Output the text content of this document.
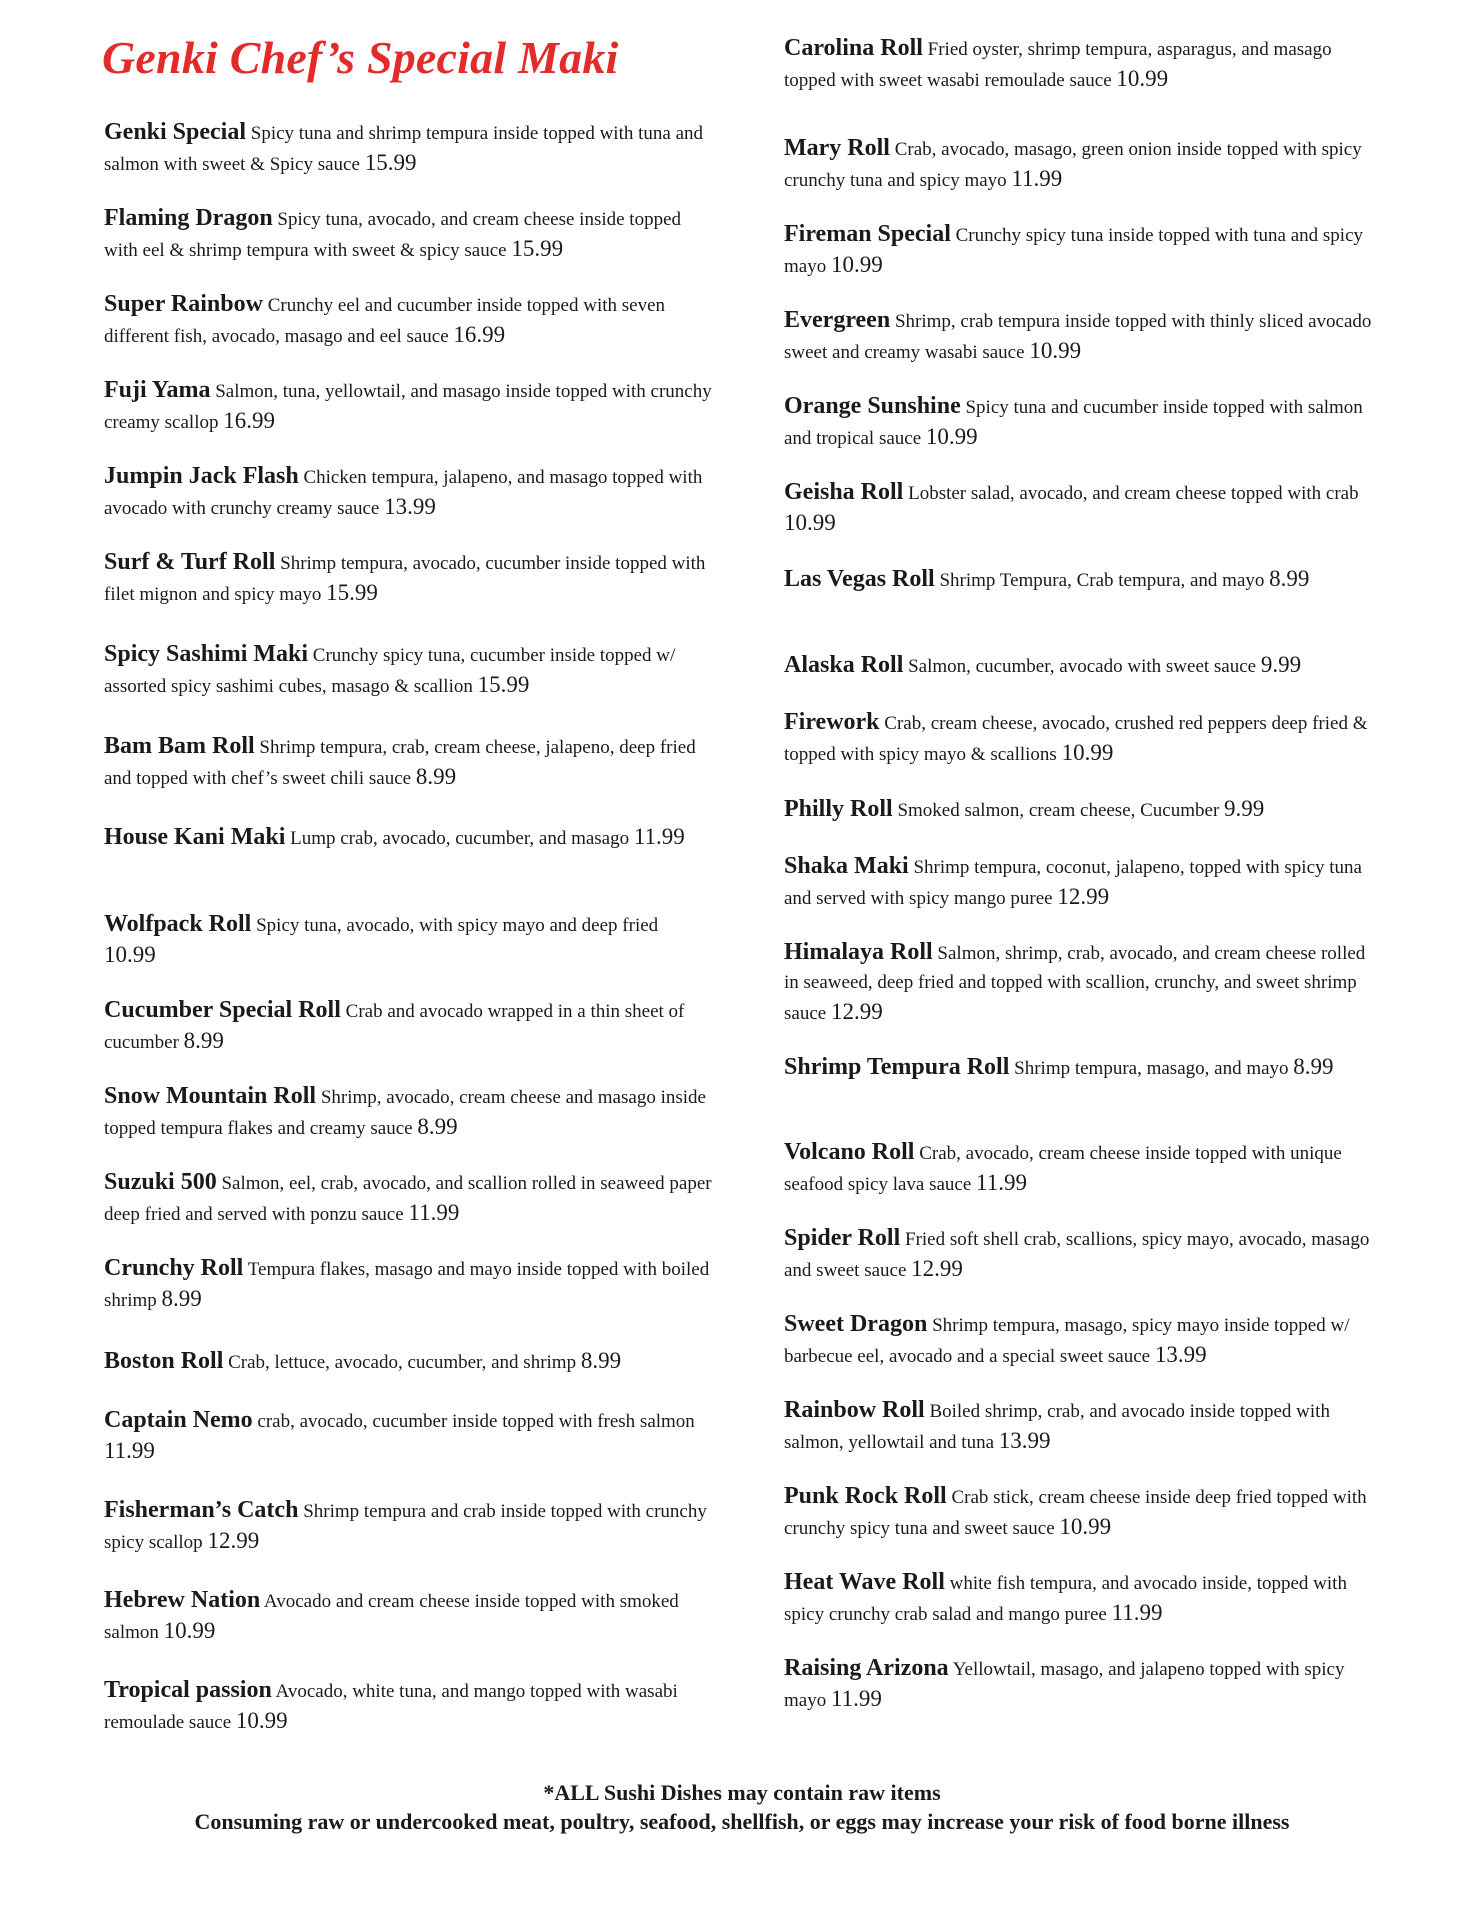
Genki Chef’s Special Maki

Genki Special Spicy tuna and shrimp tempura inside topped with tuna and salmon with sweet & Spicy sauce 15.99

Flaming Dragon Spicy tuna, avocado, and cream cheese inside topped with eel & shrimp tempura with sweet & spicy sauce 15.99

Super Rainbow Crunchy eel and cucumber inside topped with seven different fish, avocado, masago and eel sauce 16.99

Fuji Yama Salmon, tuna, yellowtail, and masago inside topped with crunchy creamy scallop 16.99

Jumpin Jack Flash Chicken tempura, jalapeno, and masago topped with avocado with crunchy creamy sauce 13.99

Surf & Turf Roll Shrimp tempura, avocado, cucumber inside topped with filet mignon and spicy mayo 15.99

Spicy Sashimi Maki Crunchy spicy tuna, cucumber inside topped w/ assorted spicy sashimi cubes, masago & scallion 15.99

Bam Bam Roll Shrimp tempura, crab, cream cheese, jalapeno, deep fried and topped with chef’s sweet chili sauce 8.99

House Kani Maki Lump crab, avocado, cucumber, and masago 11.99

Wolfpack Roll Spicy tuna, avocado, with spicy mayo and deep fried 10.99

Cucumber Special Roll Crab and avocado wrapped in a thin sheet of cucumber 8.99

Snow Mountain Roll Shrimp, avocado, cream cheese and masago inside topped tempura flakes and creamy sauce 8.99

Suzuki 500 Salmon, eel, crab, avocado, and scallion rolled in seaweed paper deep fried and served with ponzu sauce 11.99

Crunchy Roll Tempura flakes, masago and mayo inside topped with boiled shrimp 8.99

Boston Roll Crab, lettuce, avocado, cucumber, and shrimp 8.99

Captain Nemo crab, avocado, cucumber inside topped with fresh salmon 11.99

Fisherman’s Catch Shrimp tempura and crab inside topped with crunchy spicy scallop 12.99

Hebrew Nation Avocado and cream cheese inside topped with smoked salmon 10.99

Tropical passion Avocado, white tuna, and mango topped with wasabi remoulade sauce 10.99

Carolina Roll Fried oyster, shrimp tempura, asparagus, and masago topped with sweet wasabi remoulade sauce 10.99

Mary Roll Crab, avocado, masago, green onion inside topped with spicy crunchy tuna and spicy mayo 11.99

Fireman Special Crunchy spicy tuna inside topped with tuna and spicy mayo 10.99

Evergreen Shrimp, crab tempura inside topped with thinly sliced avocado sweet and creamy wasabi sauce 10.99

Orange Sunshine Spicy tuna and cucumber inside topped with salmon and tropical sauce 10.99

Geisha Roll Lobster salad, avocado, and cream cheese topped with crab 10.99

Las Vegas Roll Shrimp Tempura, Crab tempura, and mayo 8.99

Alaska Roll Salmon, cucumber, avocado with sweet sauce 9.99

Firework Crab, cream cheese, avocado, crushed red peppers deep fried & topped with spicy mayo & scallions 10.99

Philly Roll Smoked salmon, cream cheese, Cucumber 9.99

Shaka Maki Shrimp tempura, coconut, jalapeno, topped with spicy tuna and served with spicy mango puree 12.99

Himalaya Roll Salmon, shrimp, crab, avocado, and cream cheese rolled in seaweed, deep fried and topped with scallion, crunchy, and sweet shrimp sauce 12.99

Shrimp Tempura Roll Shrimp tempura, masago, and mayo 8.99

Volcano Roll Crab, avocado, cream cheese inside topped with unique seafood spicy lava sauce 11.99

Spider Roll Fried soft shell crab, scallions, spicy mayo, avocado, masago and sweet sauce 12.99

Sweet Dragon Shrimp tempura, masago, spicy mayo inside topped w/ barbecue eel, avocado and a special sweet sauce 13.99

Rainbow Roll Boiled shrimp, crab, and avocado inside topped with salmon, yellowtail and tuna 13.99

Punk Rock Roll Crab stick, cream cheese inside deep fried topped with crunchy spicy tuna and sweet sauce 10.99

Heat Wave Roll white fish tempura, and avocado inside, topped with spicy crunchy crab salad and mango puree 11.99

Raising Arizona Yellowtail, masago, and jalapeno topped with spicy mayo 11.99

*ALL Sushi Dishes may contain raw items
Consuming raw or undercooked meat, poultry, seafood, shellfish, or eggs may increase your risk of food borne illness
